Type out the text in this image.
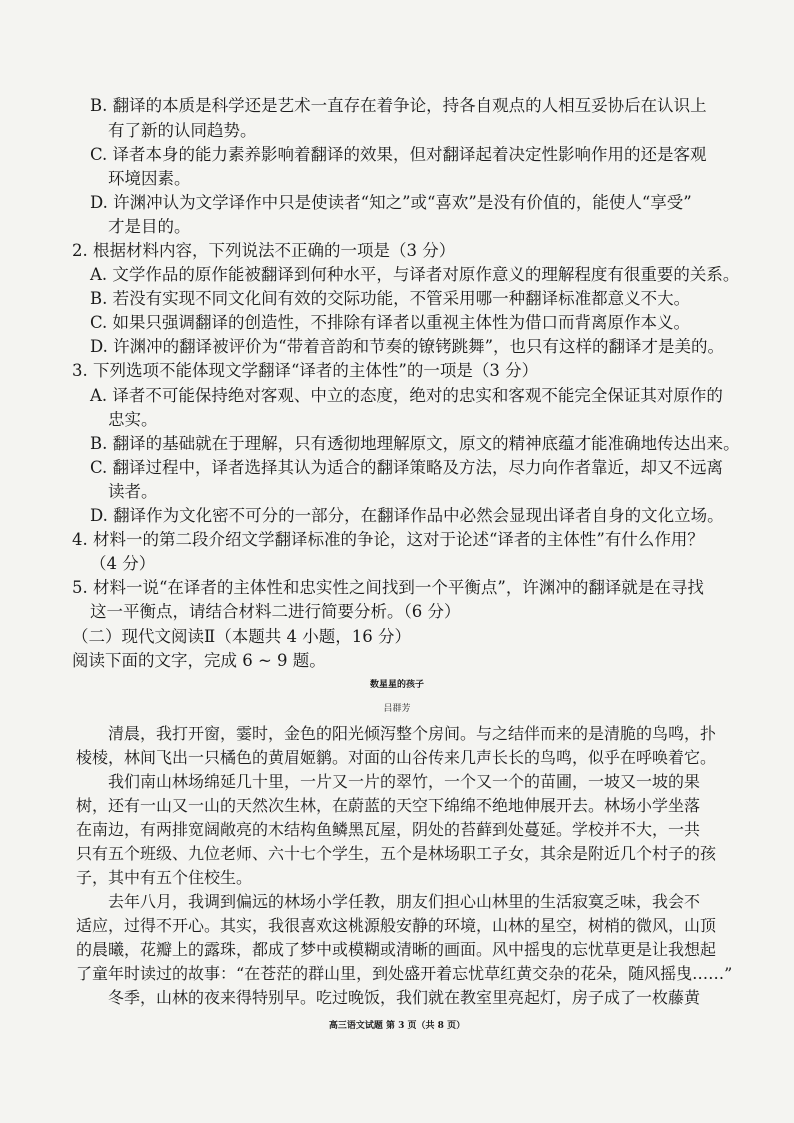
B. 翻译的本质是科学还是艺术一直存在着争论，持各自观点的人相互妥协后在认识上
有了新的认同趋势。
C. 译者本身的能力素养影响着翻译的效果，但对翻译起着决定性影响作用的还是客观
环境因素。
D. 许渊冲认为文学译作中只是使读者“知之”或“喜欢”是没有价值的，能使人“享受”
才是目的。
2. 根据材料内容，下列说法不正确的一项是（3 分）
A. 文学作品的原作能被翻译到何种水平，与译者对原作意义的理解程度有很重要的关系。
B. 若没有实现不同文化间有效的交际功能，不管采用哪一种翻译标准都意义不大。
C. 如果只强调翻译的创造性，不排除有译者以重视主体性为借口而背离原作本义。
D. 许渊冲的翻译被评价为“带着音韵和节奏的镣铐跳舞”，也只有这样的翻译才是美的。
3. 下列选项不能体现文学翻译“译者的主体性”的一项是（3 分）
A. 译者不可能保持绝对客观、中立的态度，绝对的忠实和客观不能完全保证其对原作的
忠实。
B. 翻译的基础就在于理解，只有透彻地理解原文，原文的精神底蕴才能准确地传达出来。
C. 翻译过程中，译者选择其认为适合的翻译策略及方法，尽力向作者靠近，却又不远离
读者。
D. 翻译作为文化密不可分的一部分，在翻译作品中必然会显现出译者自身的文化立场。
4. 材料一的第二段介绍文学翻译标准的争论，这对于论述“译者的主体性”有什么作用？
（4 分）
5. 材料一说“在译者的主体性和忠实性之间找到一个平衡点”，许渊冲的翻译就是在寻找
这一平衡点，请结合材料二进行简要分析。（6 分）
（二）现代文阅读Ⅱ（本题共 4 小题，16 分）
阅读下面的文字，完成 6 ~ 9 题。
数星星的孩子
吕群芳
清晨，我打开窗，霎时，金色的阳光倾泻整个房间。与之结伴而来的是清脆的鸟鸣，扑
棱棱，林间飞出一只橘色的黄眉姬鹟。对面的山谷传来几声长长的鸟鸣，似乎在呼唤着它。
我们南山林场绵延几十里，一片又一片的翠竹，一个又一个的苗圃，一坡又一坡的果
树，还有一山又一山的天然次生林，在蔚蓝的天空下绵绵不绝地伸展开去。林场小学坐落
在南边，有两排宽阔敞亮的木结构鱼鳞黑瓦屋，阴处的苔藓到处蔓延。学校并不大，一共
只有五个班级、九位老师、六十七个学生，五个是林场职工子女，其余是附近几个村子的孩
子，其中有五个住校生。
去年八月，我调到偏远的林场小学任教，朋友们担心山林里的生活寂寞乏味，我会不
适应，过得不开心。其实，我很喜欢这桃源般安静的环境，山林的星空，树梢的微风，山顶
的晨曦，花瓣上的露珠，都成了梦中或模糊或清晰的画面。风中摇曳的忘忧草更是让我想起
了童年时读过的故事：“在苍茫的群山里，到处盛开着忘忧草红黄交杂的花朵，随风摇曳……”
冬季，山林的夜来得特别早。吃过晚饭，我们就在教室里亮起灯，房子成了一枚藤黄
高三语文试题 第 3 页（共 8 页）
